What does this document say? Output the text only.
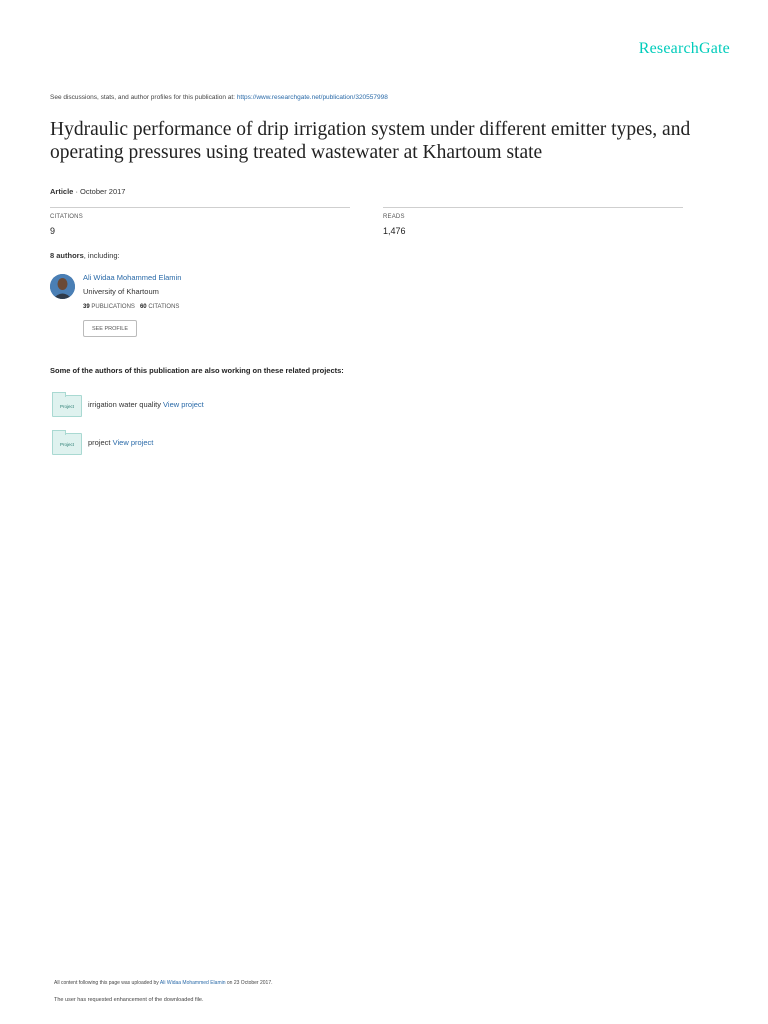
ResearchGate
See discussions, stats, and author profiles for this publication at: https://www.researchgate.net/publication/320557998
Hydraulic performance of drip irrigation system under different emitter types, and operating pressures using treated wastewater at Khartoum state
Article · October 2017
CITATIONS
9
READS
1,476
8 authors, including:
Ali Widaa Mohammed Elamin
University of Khartoum
39 PUBLICATIONS 60 CITATIONS
SEE PROFILE
Some of the authors of this publication are also working on these related projects:
Project irrigation water quality View project
Project project View project
All content following this page was uploaded by Ali Widaa Mohammed Elamin on 23 October 2017.
The user has requested enhancement of the downloaded file.
